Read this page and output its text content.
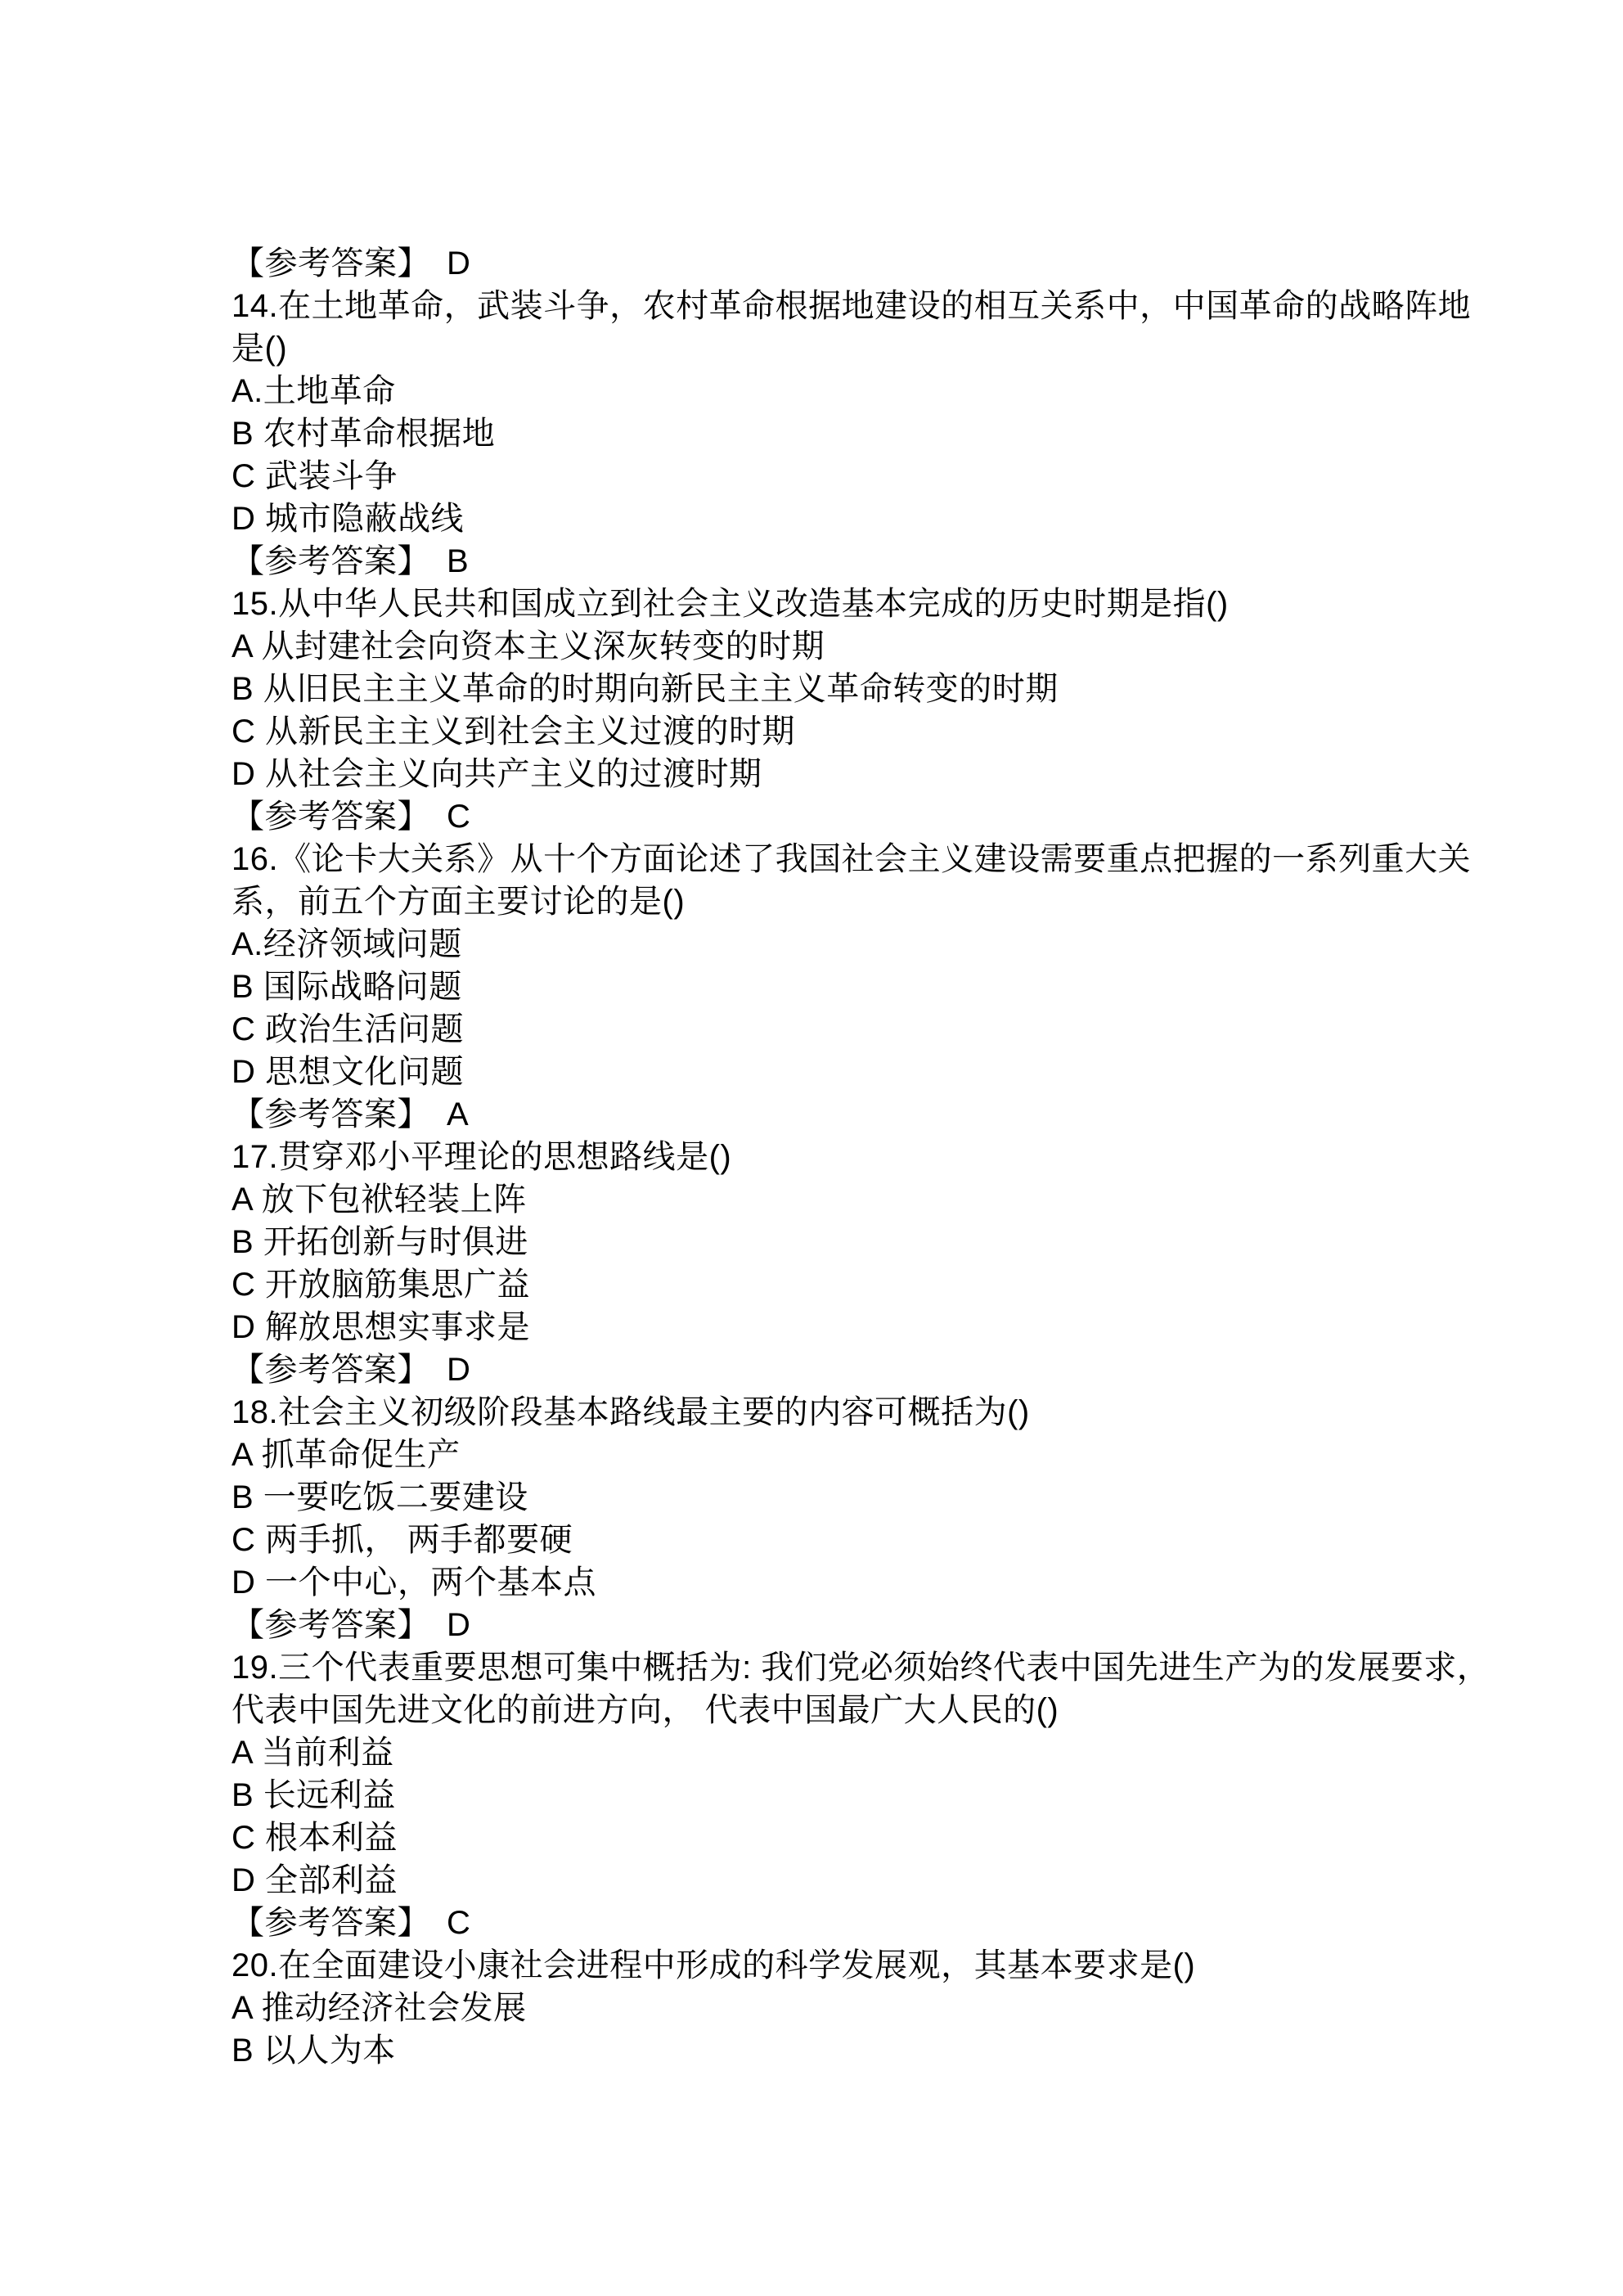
【参考答案】 D
14.在土地革命，武装斗争，农村革命根据地建设的相互关系中，中国革命的战略阵地
是()
A.土地革命
B 农村革命根据地
C 武装斗争
D 城市隐蔽战线
【参考答案】 B
15.从中华人民共和国成立到社会主义改造基本完成的历史时期是指()
A 从封建社会向资本主义深灰转变的时期
B 从旧民主主义革命的时期向新民主主义革命转变的时期
C 从新民主主义到社会主义过渡的时期
D 从社会主义向共产主义的过渡时期
【参考答案】 C
16.《论卡大关系》从十个方面论述了我国社会主义建设需要重点把握的一系列重大关
系，前五个方面主要讨论的是()
A.经济领域问题
B 国际战略问题
C 政治生活问题
D 思想文化问题
【参考答案】 A
17.贯穿邓小平理论的思想路线是()
A 放下包袱轻装上阵
B 开拓创新与时俱进
C 开放脑筋集思广益
D 解放思想实事求是
【参考答案】 D
18.社会主义初级阶段基本路线最主要的内容可概括为()
A 抓革命促生产
B 一要吃饭二要建设
C 两手抓， 两手都要硬
D 一个中心，两个基本点
【参考答案】 D
19.三个代表重要思想可集中概括为: 我们党必须始终代表中国先进生产为的发展要求，
代表中国先进文化的前进方向， 代表中国最广大人民的()
A 当前利益
B 长远利益
C 根本利益
D 全部利益
【参考答案】 C
20.在全面建设小康社会进程中形成的科学发展观，其基本要求是()
A 推动经济社会发展
B 以人为本
